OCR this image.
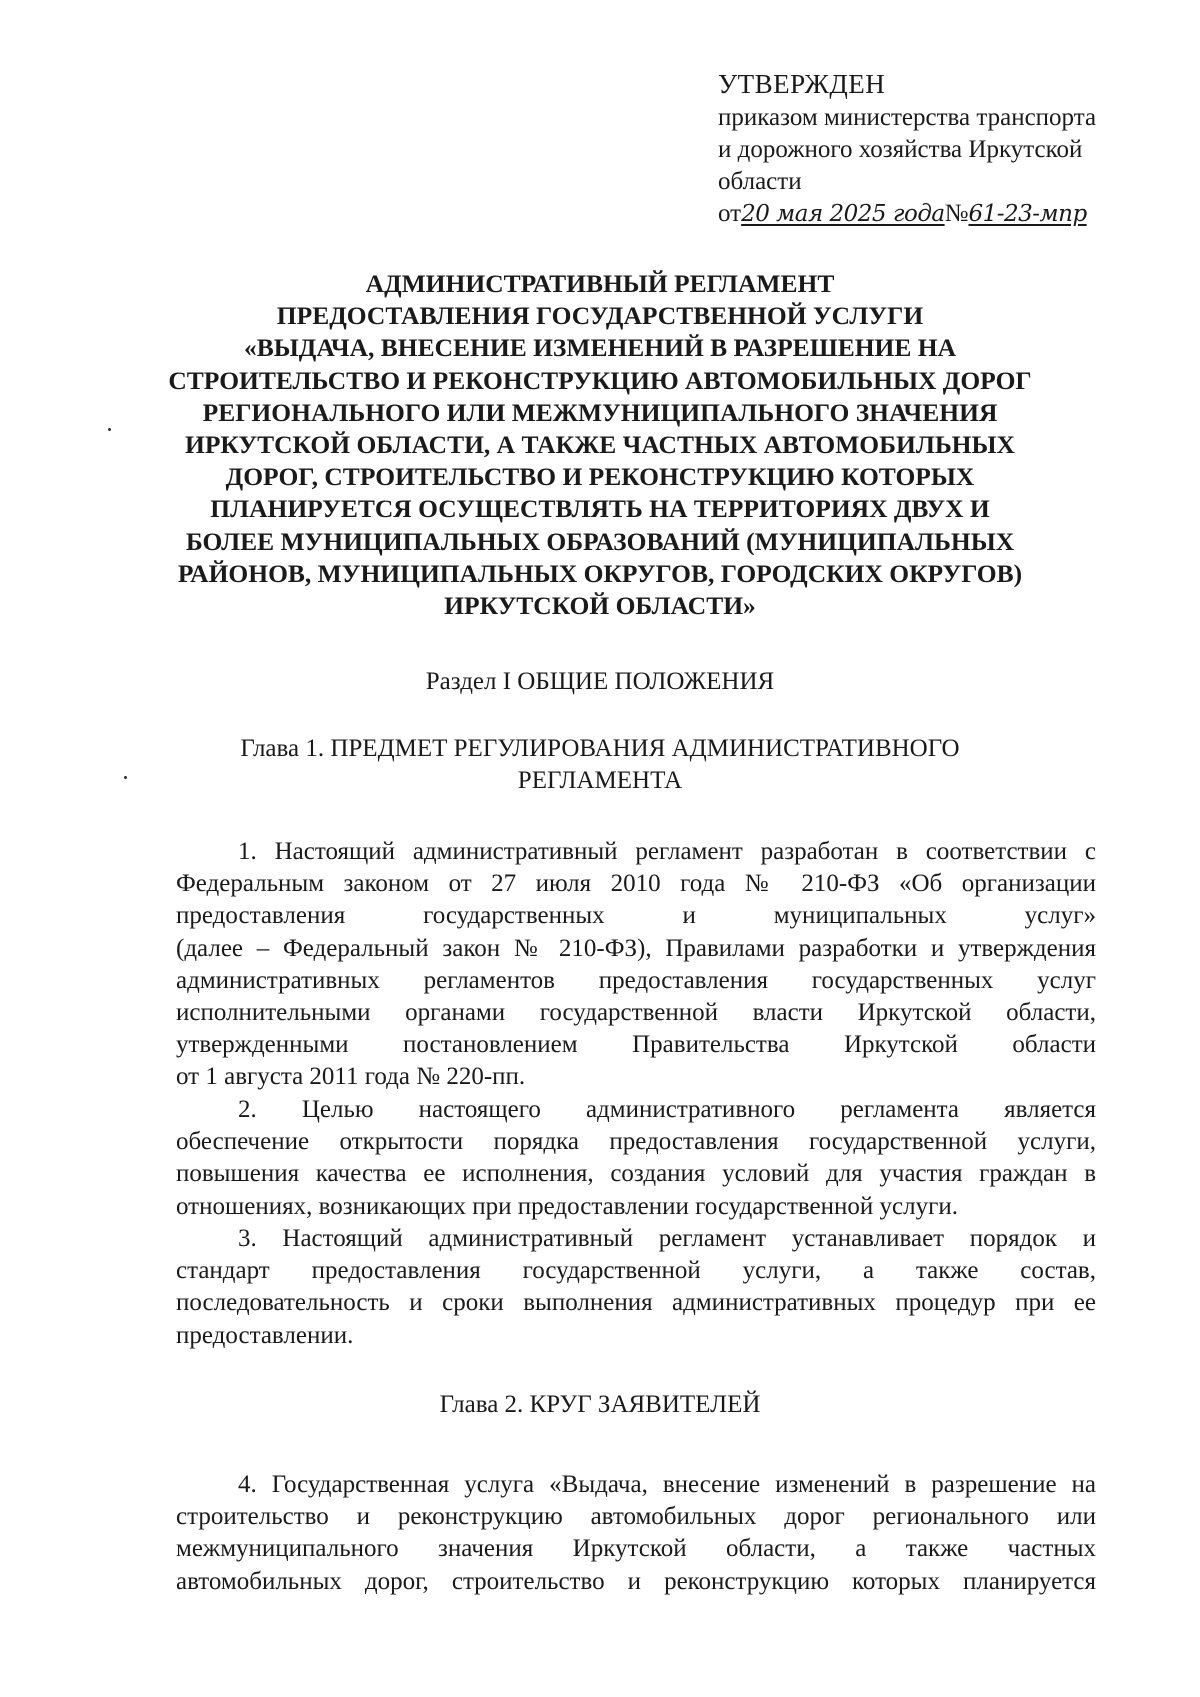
УТВЕРЖДЕН
приказом министерства транспорта
и дорожного хозяйства Иркутской
области
от20 мая 2025 года№61-23-мпр
АДМИНИСТРАТИВНЫЙ РЕГЛАМЕНТ
ПРЕДОСТАВЛЕНИЯ ГОСУДАРСТВЕННОЙ УСЛУГИ
«ВЫДАЧА, ВНЕСЕНИЕ ИЗМЕНЕНИЙ В РАЗРЕШЕНИЕ НА
СТРОИТЕЛЬСТВО И РЕКОНСТРУКЦИЮ АВТОМОБИЛЬНЫХ ДОРОГ
РЕГИОНАЛЬНОГО ИЛИ МЕЖМУНИЦИПАЛЬНОГО ЗНАЧЕНИЯ
ИРКУТСКОЙ ОБЛАСТИ, А ТАКЖЕ ЧАСТНЫХ АВТОМОБИЛЬНЫХ
ДОРОГ, СТРОИТЕЛЬСТВО И РЕКОНСТРУКЦИЮ КОТОРЫХ
ПЛАНИРУЕТСЯ ОСУЩЕСТВЛЯТЬ НА ТЕРРИТОРИЯХ ДВУХ И
БОЛЕЕ МУНИЦИПАЛЬНЫХ ОБРАЗОВАНИЙ (МУНИЦИПАЛЬНЫХ
РАЙОНОВ, МУНИЦИПАЛЬНЫХ ОКРУГОВ, ГОРОДСКИХ ОКРУГОВ)
ИРКУТСКОЙ ОБЛАСТИ»
Раздел I ОБЩИЕ ПОЛОЖЕНИЯ
Глава 1. ПРЕДМЕТ РЕГУЛИРОВАНИЯ АДМИНИСТРАТИВНОГО
РЕГЛАМЕНТА
1. Настоящий административный регламент разработан в соответствии с
Федеральным законом от 27 июля 2010 года № 210-ФЗ «Об организации
предоставления государственных и муниципальных услуг»
(далее – Федеральный закон № 210-ФЗ), Правилами разработки и утверждения
административных регламентов предоставления государственных услуг
исполнительными органами государственной власти Иркутской области,
утвержденными постановлением Правительства Иркутской области
от 1 августа 2011 года № 220-пп.
2. Целью настоящего административного регламента является
обеспечение открытости порядка предоставления государственной услуги,
повышения качества ее исполнения, создания условий для участия граждан в
отношениях, возникающих при предоставлении государственной услуги.
3. Настоящий административный регламент устанавливает порядок и
стандарт предоставления государственной услуги, а также состав,
последовательность и сроки выполнения административных процедур при ее
предоставлении.
Глава 2. КРУГ ЗАЯВИТЕЛЕЙ
4. Государственная услуга «Выдача, внесение изменений в разрешение на
строительство и реконструкцию автомобильных дорог регионального или
межмуниципального значения Иркутской области, а также частных
автомобильных дорог, строительство и реконструкцию которых планируется
